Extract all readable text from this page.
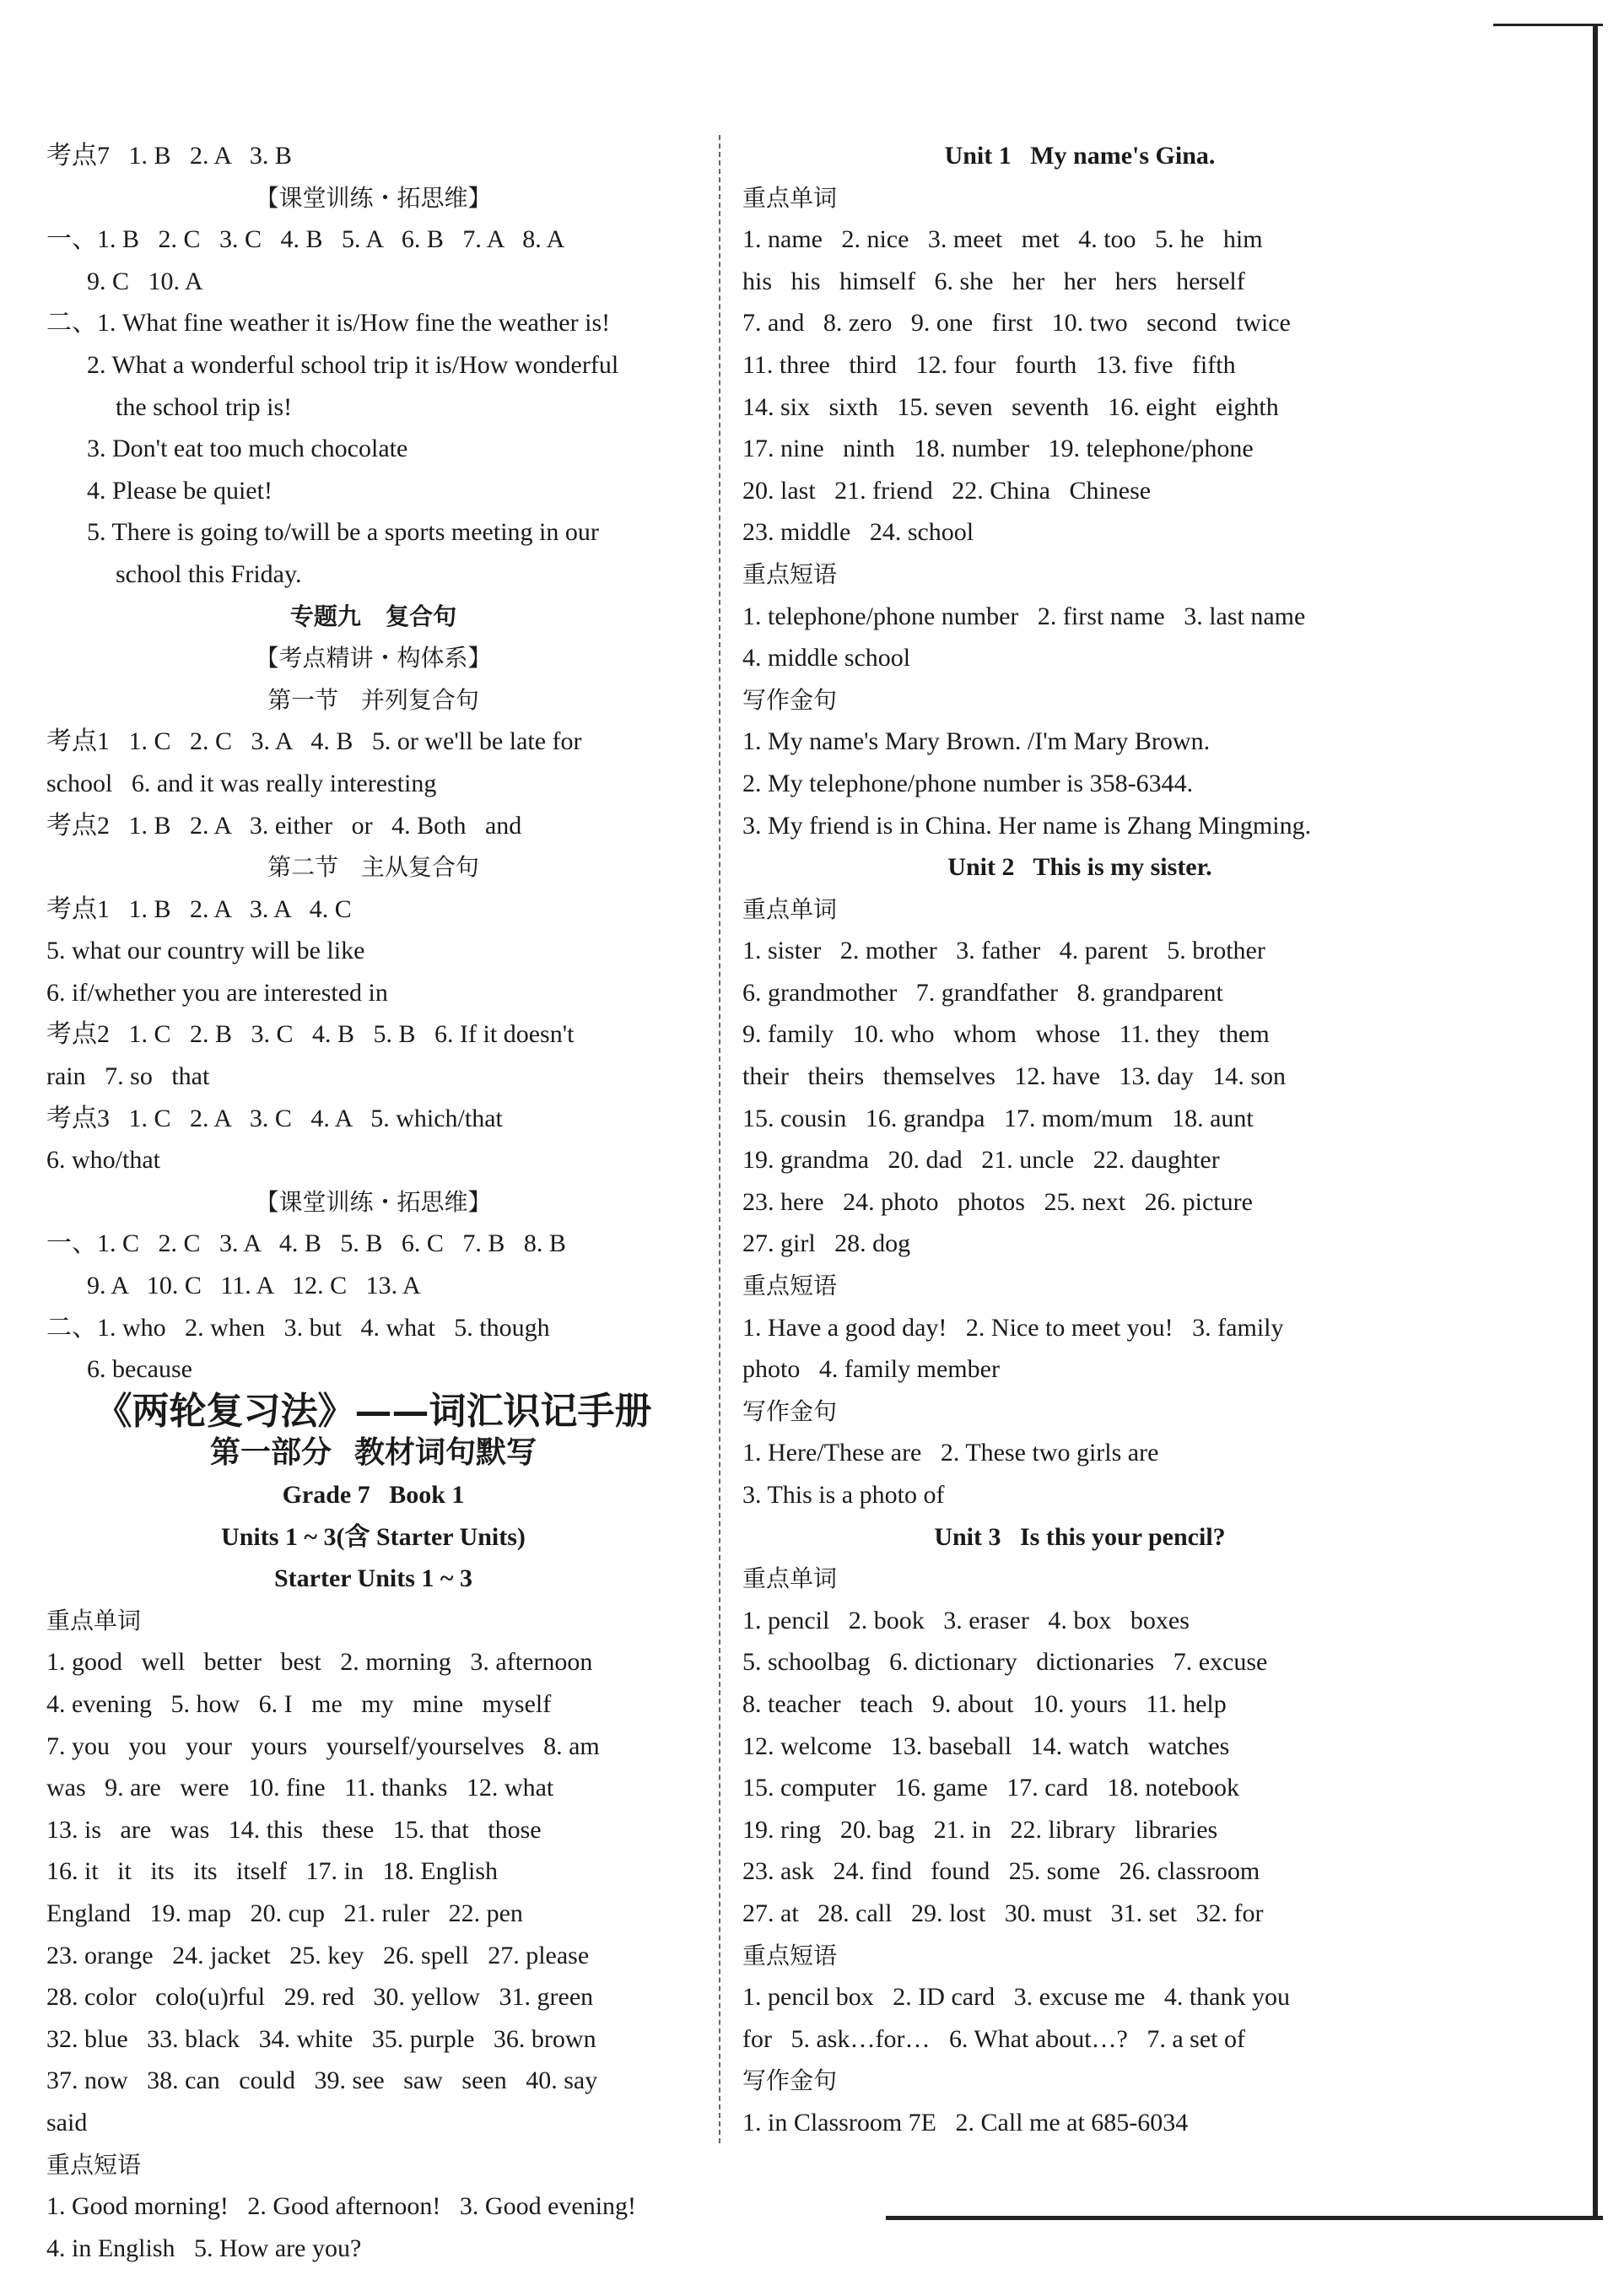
考点7   1. B   2. A   3. B
【课堂训练・拓思维】
一、1. B   2. C   3. C   4. B   5. A   6. B   7. A   8. A
9. C   10. A
二、1. What fine weather it is/How fine the weather is!
2. What a wonderful school trip it is/How wonderful
the school trip is!
3. Don't eat too much chocolate
4. Please be quiet!
5. There is going to/will be a sports meeting in our
school this Friday.
专题九   复合句
【考点精讲・构体系】
第一节   并列复合句
考点1   1. C   2. C   3. A   4. B   5. or we'll be late for
school   6. and it was really interesting
考点2   1. B   2. A   3. either   or   4. Both   and
第二节   主从复合句
考点1   1. B   2. A   3. A   4. C
5. what our country will be like
6. if/whether you are interested in
考点2   1. C   2. B   3. C   4. B   5. B   6. If it doesn't
rain   7. so   that
考点3   1. C   2. A   3. C   4. A   5. which/that
6. who/that
【课堂训练・拓思维】
一、1. C   2. C   3. A   4. B   5. B   6. C   7. B   8. B
9. A   10. C   11. A   12. C   13. A
二、1. who   2. when   3. but   4. what   5. though
6. because
《两轮复习法》——词汇识记手册
第一部分   教材词句默写
Grade 7   Book 1
Units 1 ~ 3(含 Starter Units)
Starter Units 1 ~ 3
重点单词
1. good   well   better   best   2. morning   3. afternoon
4. evening   5. how   6. I   me   my   mine   myself
7. you   you   your   yours   yourself/yourselves   8. am
was   9. are   were   10. fine   11. thanks   12. what
13. is   are   was   14. this   these   15. that   those
16. it   it   its   its   itself   17. in   18. English
England   19. map   20. cup   21. ruler   22. pen
23. orange   24. jacket   25. key   26. spell   27. please
28. color   colo(u)rful   29. red   30. yellow   31. green
32. blue   33. black   34. white   35. purple   36. brown
37. now   38. can   could   39. see   saw   seen   40. say
said
重点短语
1. Good morning!   2. Good afternoon!   3. Good evening!
4. in English   5. How are you?
Unit 1   My name's Gina.
重点单词
1. name   2. nice   3. meet   met   4. too   5. he   him
his   his   himself   6. she   her   her   hers   herself
7. and   8. zero   9. one   first   10. two   second   twice
11. three   third   12. four   fourth   13. five   fifth
14. six   sixth   15. seven   seventh   16. eight   eighth
17. nine   ninth   18. number   19. telephone/phone
20. last   21. friend   22. China   Chinese
23. middle   24. school
重点短语
1. telephone/phone number   2. first name   3. last name
4. middle school
写作金句
1. My name's Mary Brown. /I'm Mary Brown.
2. My telephone/phone number is 358-6344.
3. My friend is in China. Her name is Zhang Mingming.
Unit 2   This is my sister.
重点单词
1. sister   2. mother   3. father   4. parent   5. brother
6. grandmother   7. grandfather   8. grandparent
9. family   10. who   whom   whose   11. they   them
their   theirs   themselves   12. have   13. day   14. son
15. cousin   16. grandpa   17. mom/mum   18. aunt
19. grandma   20. dad   21. uncle   22. daughter
23. here   24. photo   photos   25. next   26. picture
27. girl   28. dog
重点短语
1. Have a good day!   2. Nice to meet you!   3. family
photo   4. family member
写作金句
1. Here/These are   2. These two girls are
3. This is a photo of
Unit 3   Is this your pencil?
重点单词
1. pencil   2. book   3. eraser   4. box   boxes
5. schoolbag   6. dictionary   dictionaries   7. excuse
8. teacher   teach   9. about   10. yours   11. help
12. welcome   13. baseball   14. watch   watches
15. computer   16. game   17. card   18. notebook
19. ring   20. bag   21. in   22. library   libraries
23. ask   24. find   found   25. some   26. classroom
27. at   28. call   29. lost   30. must   31. set   32. for
重点短语
1. pencil box   2. ID card   3. excuse me   4. thank you
for   5. ask…for…   6. What about…?   7. a set of
写作金句
1. in Classroom 7E   2. Call me at 685-6034
